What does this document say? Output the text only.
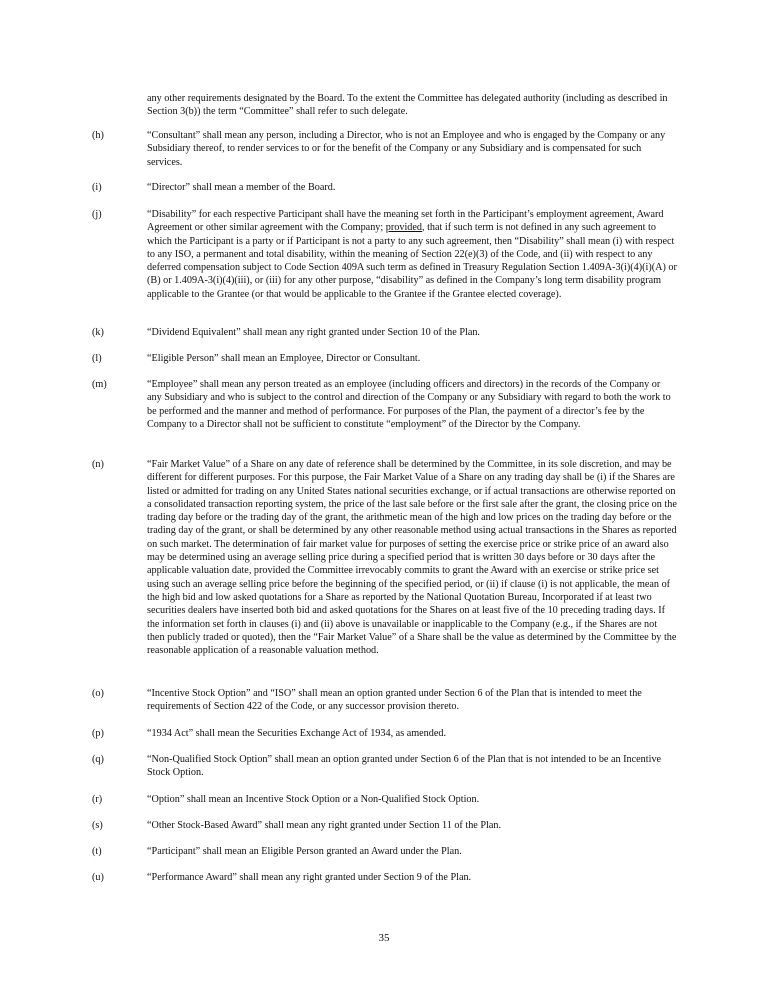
any other requirements designated by the Board. To the extent the Committee has delegated authority (including as described in Section 3(b)) the term “Committee” shall refer to such delegate.

(h)	“Consultant” shall mean any person, including a Director, who is not an Employee and who is engaged by the Company or any Subsidiary thereof, to render services to or for the benefit of the Company or any Subsidiary and is compensated for such services.

(i)	“Director” shall mean a member of the Board.

(j)	“Disability” for each respective Participant shall have the meaning set forth in the Participant’s employment agreement, Award Agreement or other similar agreement with the Company; provided, that if such term is not defined in any such agreement to which the Participant is a party or if Participant is not a party to any such agreement, then “Disability” shall mean (i) with respect to any ISO, a permanent and total disability, within the meaning of Section 22(e)(3) of the Code, and (ii) with respect to any deferred compensation subject to Code Section 409A such term as defined in Treasury Regulation Section 1.409A-3(i)(4)(i)(A) or (B) or 1.409A-3(i)(4)(iii), or (iii) for any other purpose, “disability” as defined in the Company’s long term disability program applicable to the Grantee (or that would be applicable to the Grantee if the Grantee elected coverage).

(k)	“Dividend Equivalent” shall mean any right granted under Section 10 of the Plan.

(l)	“Eligible Person” shall mean an Employee, Director or Consultant.

(m)	“Employee” shall mean any person treated as an employee (including officers and directors) in the records of the Company or any Subsidiary and who is subject to the control and direction of the Company or any Subsidiary with regard to both the work to be performed and the manner and method of performance. For purposes of the Plan, the payment of a director’s fee by the Company to a Director shall not be sufficient to constitute “employment” of the Director by the Company.

(n)	“Fair Market Value” of a Share on any date of reference shall be determined by the Committee, in its sole discretion, and may be different for different purposes. For this purpose, the Fair Market Value of a Share on any trading day shall be (i) if the Shares are listed or admitted for trading on any United States national securities exchange, or if actual transactions are otherwise reported on a consolidated transaction reporting system, the price of the last sale before or the first sale after the grant, the closing price on the trading day before or the trading day of the grant, the arithmetic mean of the high and low prices on the trading day before or the trading day of the grant, or shall be determined by any other reasonable method using actual transactions in the Shares as reported on such market. The determination of fair market value for purposes of setting the exercise price or strike price of an award also may be determined using an average selling price during a specified period that is written 30 days before or 30 days after the applicable valuation date, provided the Committee irrevocably commits to grant the Award with an exercise or strike price set using such an average selling price before the beginning of the specified period, or (ii) if clause (i) is not applicable, the mean of the high bid and low asked quotations for a Share as reported by the National Quotation Bureau, Incorporated if at least two securities dealers have inserted both bid and asked quotations for the Shares on at least five of the 10 preceding trading days. If the information set forth in clauses (i) and (ii) above is unavailable or inapplicable to the Company (e.g., if the Shares are not then publicly traded or quoted), then the “Fair Market Value” of a Share shall be the value as determined by the Committee by the reasonable application of a reasonable valuation method.

(o)	“Incentive Stock Option” and “ISO” shall mean an option granted under Section 6 of the Plan that is intended to meet the requirements of Section 422 of the Code, or any successor provision thereto.

(p)	“1934 Act” shall mean the Securities Exchange Act of 1934, as amended.

(q)	“Non-Qualified Stock Option” shall mean an option granted under Section 6 of the Plan that is not intended to be an Incentive Stock Option.

(r)	“Option” shall mean an Incentive Stock Option or a Non-Qualified Stock Option.

(s)	“Other Stock-Based Award” shall mean any right granted under Section 11 of the Plan.

(t)	“Participant” shall mean an Eligible Person granted an Award under the Plan.

(u)	“Performance Award” shall mean any right granted under Section 9 of the Plan.

35
